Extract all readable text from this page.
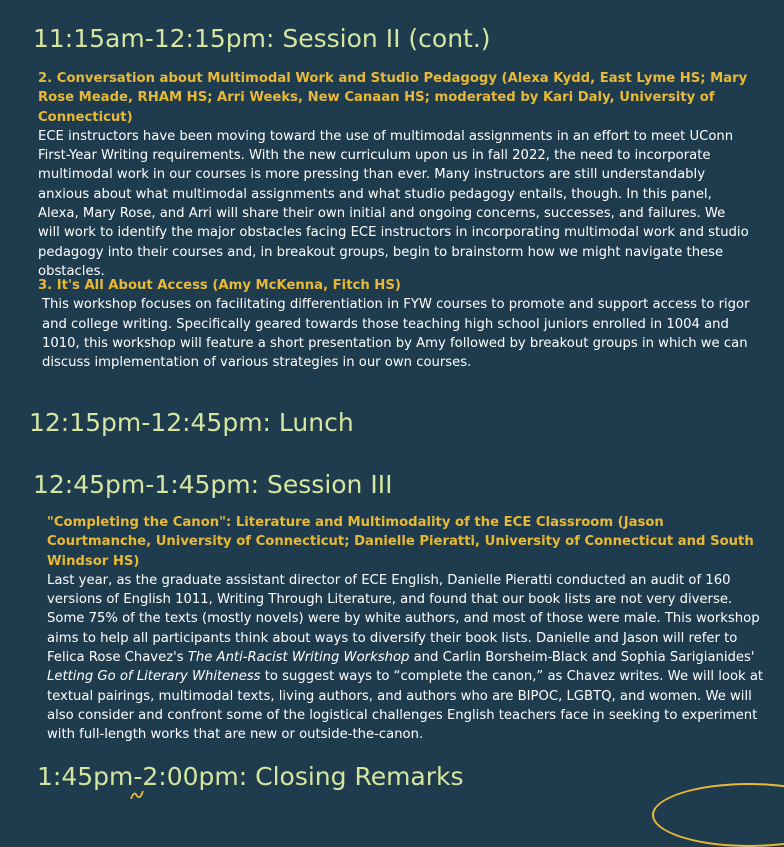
11:15am-12:15pm: Session II (cont.)
2. Conversation about Multimodal Work and Studio Pedagogy (Alexa Kydd, East Lyme HS; Mary Rose Meade, RHAM HS; Arri Weeks, New Canaan HS; moderated by Kari Daly, University of Connecticut)
ECE instructors have been moving toward the use of multimodal assignments in an effort to meet UConn First-Year Writing requirements. With the new curriculum upon us in fall 2022, the need to incorporate multimodal work in our courses is more pressing than ever. Many instructors are still understandably anxious about what multimodal assignments and what studio pedagogy entails, though. In this panel, Alexa, Mary Rose, and Arri will share their own initial and ongoing concerns, successes, and failures. We will work to identify the major obstacles facing ECE instructors in incorporating multimodal work and studio pedagogy into their courses and, in breakout groups, begin to brainstorm how we might navigate these obstacles.
3. It's All About Access (Amy McKenna, Fitch HS)
This workshop focuses on facilitating differentiation in FYW courses to promote and support access to rigor and college writing. Specifically geared towards those teaching high school juniors enrolled in 1004 and 1010, this workshop will feature a short presentation by Amy followed by breakout groups in which we can discuss implementation of various strategies in our own courses.
12:15pm-12:45pm: Lunch
12:45pm-1:45pm: Session III
"Completing the Canon": Literature and Multimodality of the ECE Classroom (Jason Courtmanche, University of Connecticut; Danielle Pieratti, University of Connecticut and South Windsor HS)
Last year, as the graduate assistant director of ECE English, Danielle Pieratti conducted an audit of 160 versions of English 1011, Writing Through Literature, and found that our book lists are not very diverse. Some 75% of the texts (mostly novels) were by white authors, and most of those were male. This workshop aims to help all participants think about ways to diversify their book lists. Danielle and Jason will refer to Felica Rose Chavez's The Anti-Racist Writing Workshop and Carlin Borsheim-Black and Sophia Sarigianides' Letting Go of Literary Whiteness to suggest ways to “complete the canon,” as Chavez writes. We will look at textual pairings, multimodal texts, living authors, and authors who are BIPOC, LGBTQ, and women. We will also consider and confront some of the logistical challenges English teachers face in seeking to experiment with full-length works that are new or outside-the-canon.
1:45pm-2:00pm: Closing Remarks
